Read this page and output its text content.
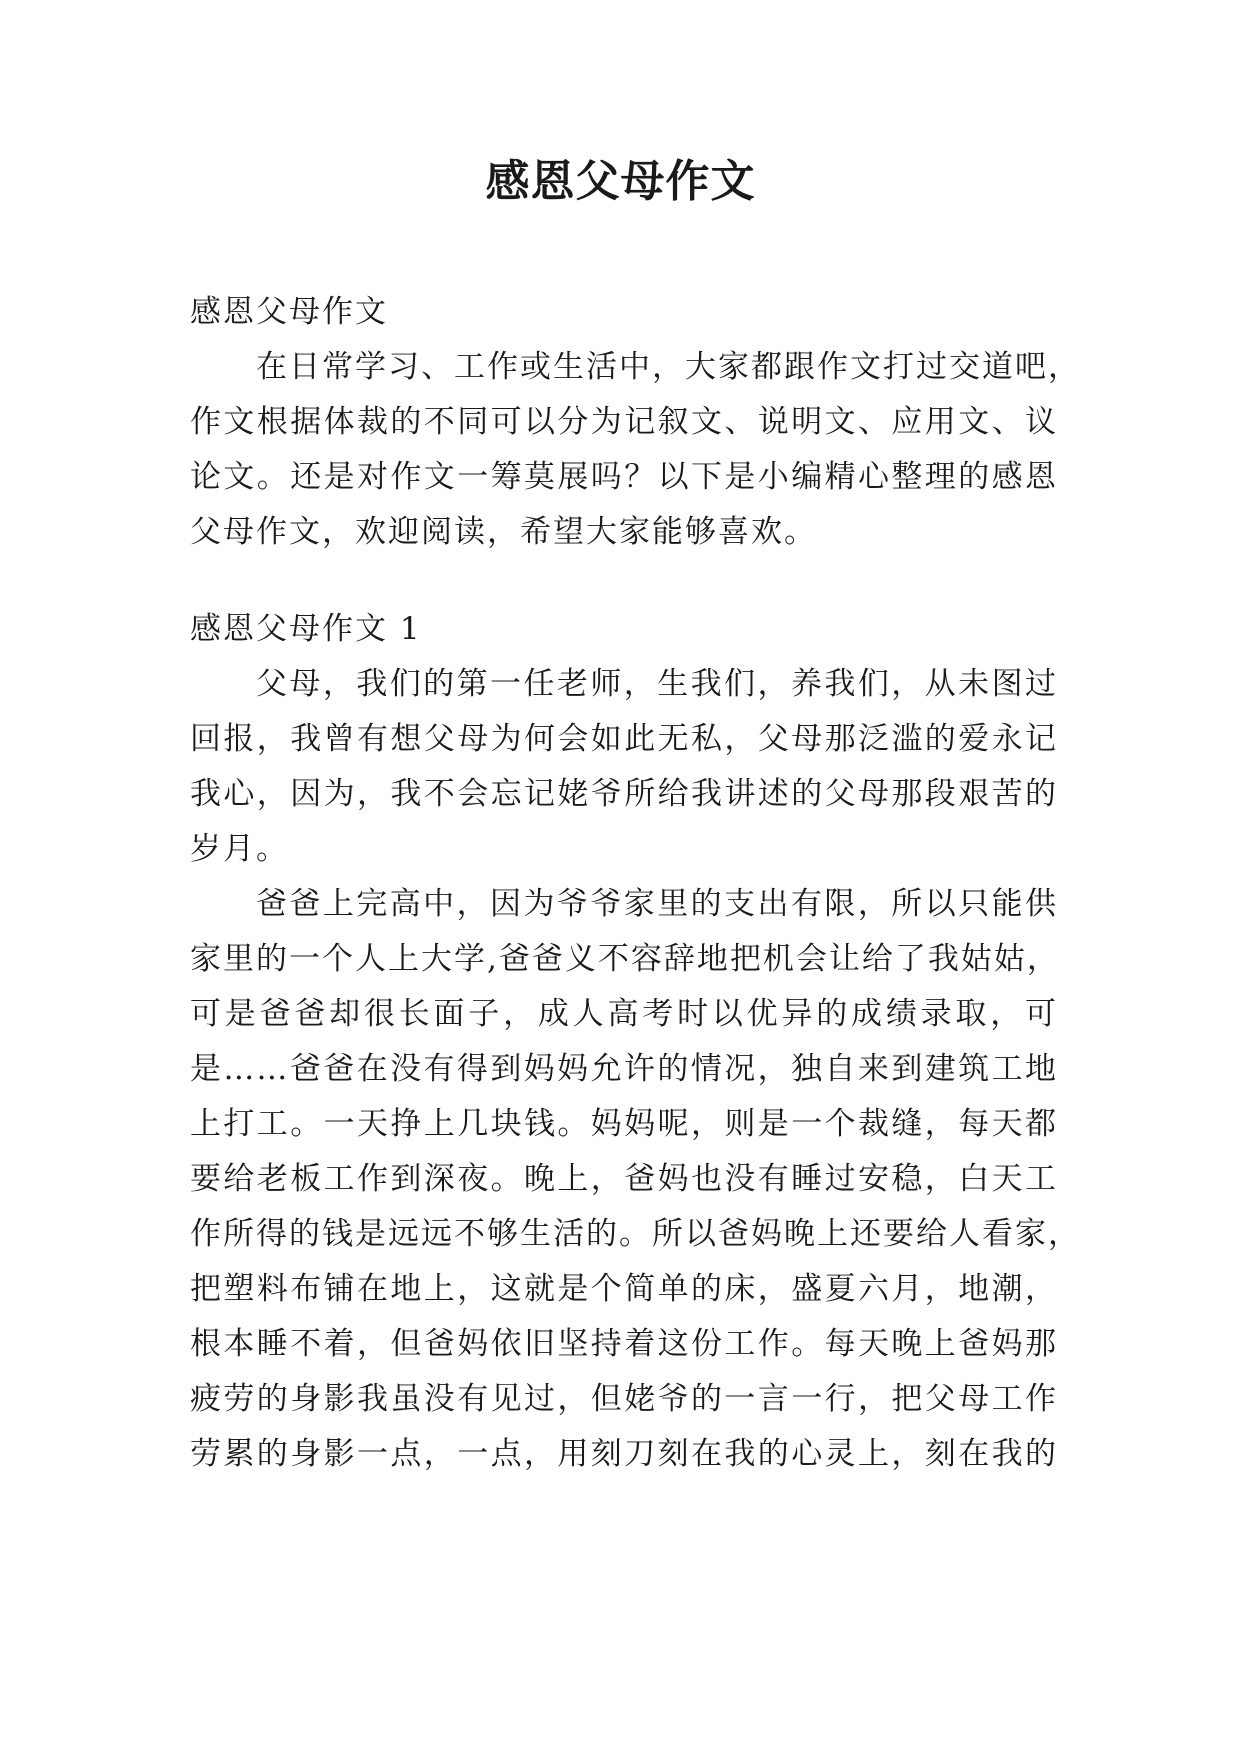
感恩父母作文
感恩父母作文
在日常学习、工作或生活中，大家都跟作文打过交道吧，
作文根据体裁的不同可以分为记叙文、说明文、应用文、议
论文。还是对作文一筹莫展吗？以下是小编精心整理的感恩
父母作文，欢迎阅读，希望大家能够喜欢。
感恩父母作文 1
父母，我们的第一任老师，生我们，养我们，从未图过
回报，我曾有想父母为何会如此无私，父母那泛滥的爱永记
我心，因为，我不会忘记姥爷所给我讲述的父母那段艰苦的
岁月。
爸爸上完高中，因为爷爷家里的支出有限，所以只能供
家里的一个人上大学,爸爸义不容辞地把机会让给了我姑姑，
可是爸爸却很长面子，成人高考时以优异的成绩录取，可
是……爸爸在没有得到妈妈允许的情况，独自来到建筑工地
上打工。一天挣上几块钱。妈妈呢，则是一个裁缝，每天都
要给老板工作到深夜。晚上，爸妈也没有睡过安稳，白天工
作所得的钱是远远不够生活的。所以爸妈晚上还要给人看家，
把塑料布铺在地上，这就是个简单的床，盛夏六月，地潮，
根本睡不着，但爸妈依旧坚持着这份工作。每天晚上爸妈那
疲劳的身影我虽没有见过，但姥爷的一言一行，把父母工作
劳累的身影一点，一点，用刻刀刻在我的心灵上，刻在我的
